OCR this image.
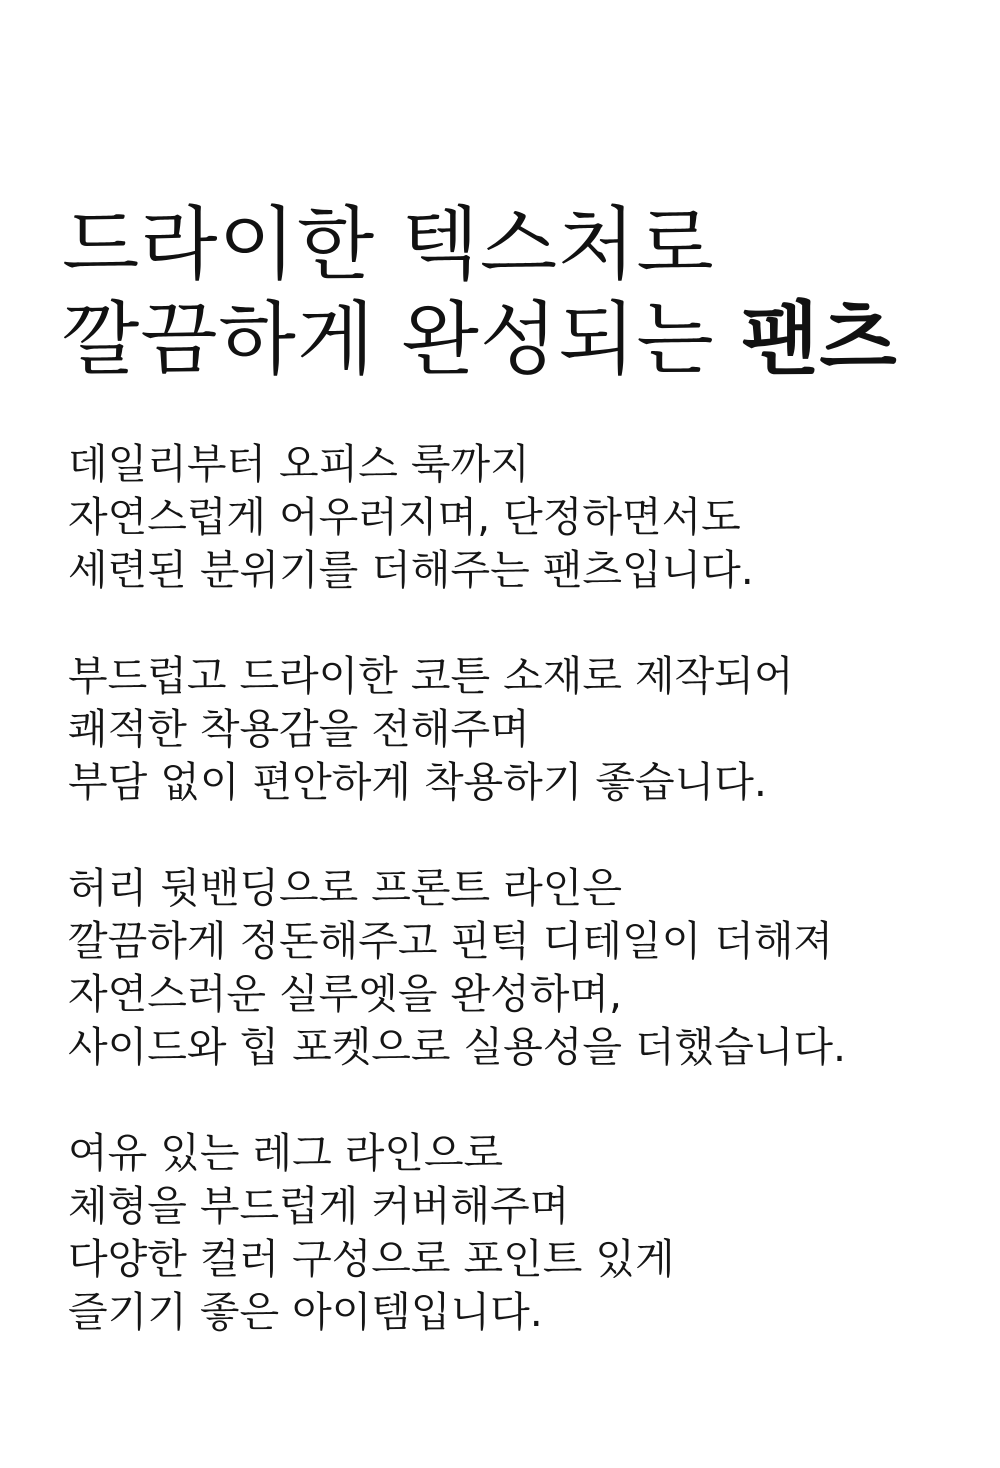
드라이한 텍스처로
깔끔하게 완성되는 팬츠
데일리부터 오피스 룩까지
자연스럽게 어우러지며, 단정하면서도
세련된 분위기를 더해주는 팬츠입니다.
부드럽고 드라이한 코튼 소재로 제작되어
쾌적한 착용감을 전해주며
부담 없이 편안하게 착용하기 좋습니다.
허리 뒷밴딩으로 프론트 라인은
깔끔하게 정돈해주고 핀턱 디테일이 더해져
자연스러운 실루엣을 완성하며,
사이드와 힙 포켓으로 실용성을 더했습니다.
여유 있는 레그 라인으로
체형을 부드럽게 커버해주며
다양한 컬러 구성으로 포인트 있게
즐기기 좋은 아이템입니다.
